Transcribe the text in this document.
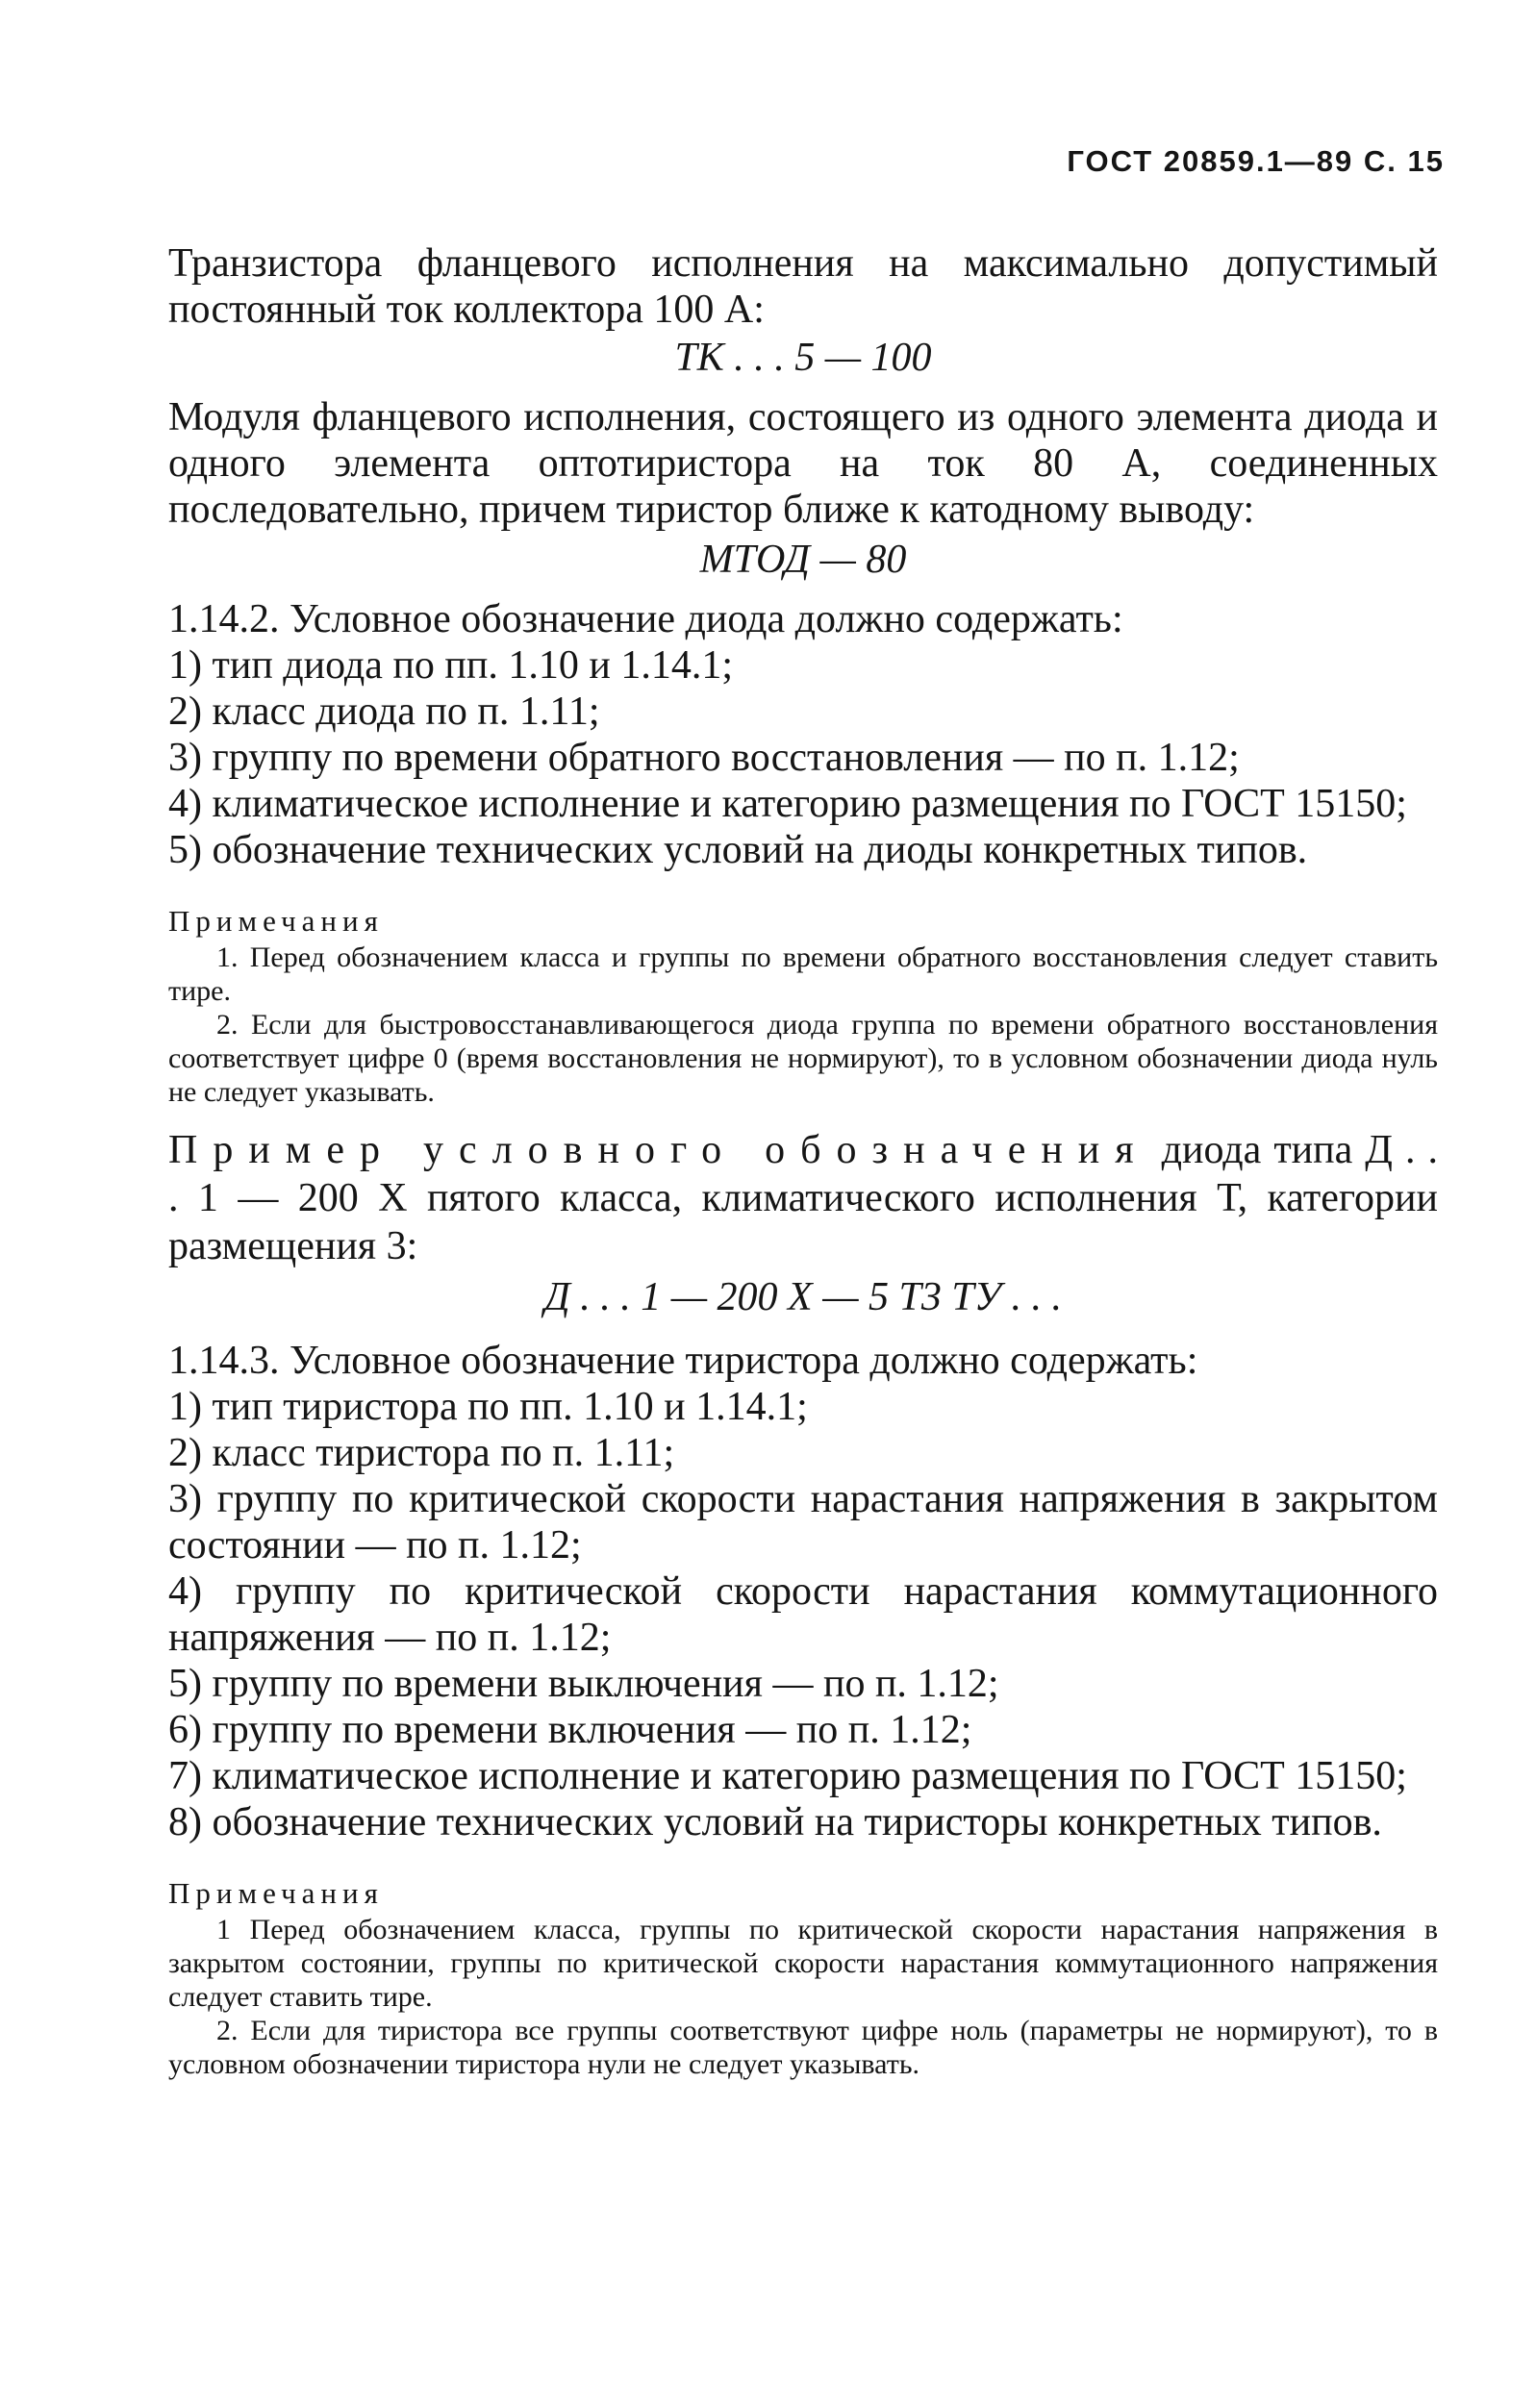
ГОСТ 20859.1—89 С. 15

Транзистора фланцевого исполнения на максимально допустимый постоянный ток коллектора 100 А:

ТК . . . 5 — 100

Модуля фланцевого исполнения, состоящего из одного элемента диода и одного элемента оптотиристора на ток 80 А, соединенных последовательно, причем тиристор ближе к катодному выводу:

МТОД — 80

1.14.2. Условное обозначение диода должно содержать:

1) тип диода по пп. 1.10 и 1.14.1;

2) класс диода по п. 1.11;

3) группу по времени обратного восстановления — по п. 1.12;

4) климатическое исполнение и категорию размещения по ГОСТ 15150;

5) обозначение технических условий на диоды конкретных типов.

Примечания

1. Перед обозначением класса и группы по времени обратного восстановления следует ставить тире.

2. Если для быстровосстанавливающегося диода группа по времени обратного восстановления соответствует цифре 0 (время восстановления не нормируют), то в условном обозначении диода нуль не следует указывать.

Пример условного обозначения диода типа Д . . . 1 — 200 Х пятого класса, климатического исполнения Т, категории размещения 3:

Д . . . 1 — 200 Х — 5 Т3 ТУ . . .

1.14.3. Условное обозначение тиристора должно содержать:

1) тип тиристора по пп. 1.10 и 1.14.1;

2) класс тиристора по п. 1.11;

3) группу по критической скорости нарастания напряжения в закрытом состоянии — по п. 1.12;

4) группу по критической скорости нарастания коммутационного напряжения — по п. 1.12;

5) группу по времени выключения — по п. 1.12;

6) группу по времени включения — по п. 1.12;

7) климатическое исполнение и категорию размещения по ГОСТ 15150;

8) обозначение технических условий на тиристоры конкретных типов.

Примечания

1 Перед обозначением класса, группы по критической скорости нарастания напряжения в закрытом состоянии, группы по критической скорости нарастания коммутационного напряжения следует ставить тире.

2. Если для тиристора все группы соответствуют цифре ноль (параметры не нормируют), то в условном обозначении тиристора нули не следует указывать.
